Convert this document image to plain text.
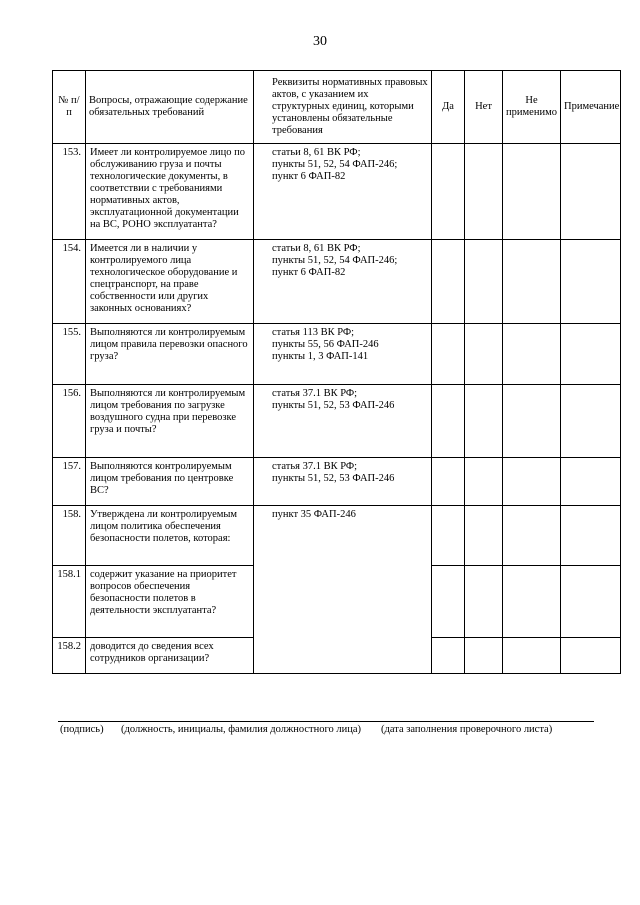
30
№ п/п	Вопросы, отражающие содержание обязательных требований	Реквизиты нормативных правовых актов, с указанием их структурных единиц, которыми установлены обязательные требования	Да	Нет	Не применимо	Примечание
153.	Имеет ли контролируемое лицо по обслуживанию груза и почты технологические документы, в соответствии с требованиями нормативных актов, эксплуатационной документации на ВС, РОНО эксплуатанта?	статьи 8, 61 ВК РФ;
пункты 51, 52, 54 ФАП-246;
пункт 6 ФАП-82				

154.	Имеется ли в наличии у контролируемого лица технологическое оборудование и спецтранспорт, на праве собственности или других законных основаниях?	статьи 8, 61 ВК РФ;
пункты 51, 52, 54 ФАП-246;
пункт 6 ФАП-82				

155.	Выполняются ли контролируемым лицом правила перевозки опасного груза?	статья 113 ВК РФ;
пункты 55, 56 ФАП-246
пункты 1, 3 ФАП-141				

156.	Выполняются ли контролируемым лицом требования по загрузке воздушного судна при перевозке груза и почты?	статья 37.1 ВК РФ;
пункты 51, 52, 53 ФАП-246				

157.	Выполняются контролируемым лицом требования по центровке ВС?	статья 37.1 ВК РФ;
пункты 51, 52, 53 ФАП-246				

158.	Утверждена ли контролируемым лицом политика обеспечения безопасности полетов, которая:	пункт 35 ФАП-246				

158.1	содержит указание на приоритет вопросов обеспечения безопасности полетов в деятельности эксплуатанта?					
158.2	доводится до сведения всех сотрудников организации?					
(подпись) (должность, инициалы, фамилия должностного лица) (дата заполнения проверочного листа)
